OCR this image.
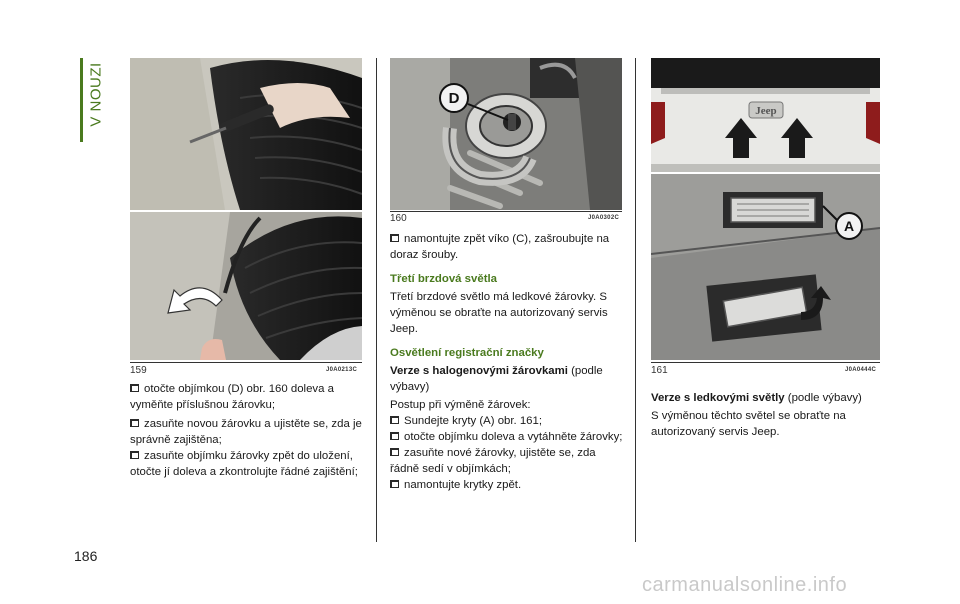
V NOUZI
159	J0A0213C

otočte objímkou (D) obr. 160 doleva a vyměňte příslušnou žárovku;

zasuňte novou žárovku a ujistěte se, zda je správně zajištěna;

zasuňte objímku žárovky zpět do uložení, otočte jí doleva a zkontrolujte řádné zajištění;

D
160	J0A0302C

namontujte zpět víko (C), zašroubujte na doraz šrouby.

Třetí brzdová světla

Třetí brzdové světlo má ledkové žárovky. S výměnou se obraťte na autorizovaný servis Jeep.

Osvětlení registrační značky

Verze s halogenovými žárovkami (podle výbavy)

Postup při výměně žárovek:

Sundejte kryty (A) obr. 161;

otočte objímku doleva a vytáhněte žárovky;

zasuňte nové žárovky, ujistěte se, zda řádně sedí v objímkách;

namontujte krytky zpět.

Jeep
A
161	J0A0444C

Verze s ledkovými světly (podle výbavy)

S výměnou těchto světel se obraťte na autorizovaný servis Jeep.

186
carmanualsonline.info
